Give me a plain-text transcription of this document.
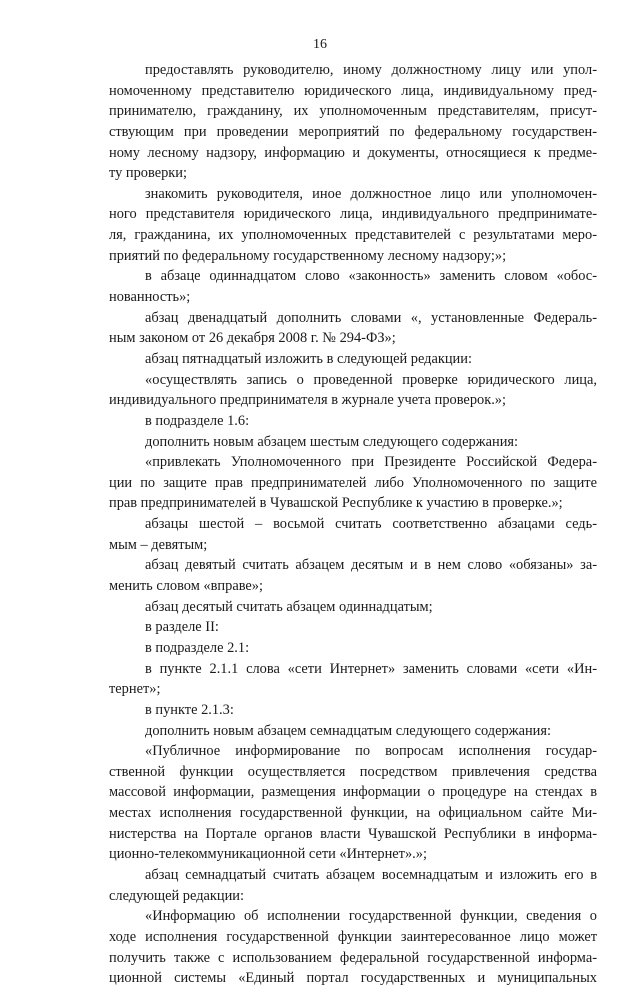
16
предоставлять руководителю, иному должностному лицу или упол-
номоченному представителю юридического лица, индивидуальному пред-
принимателю, гражданину, их уполномоченным представителям, присут-
ствующим при проведении мероприятий по федеральному государствен-
ному лесному надзору, информацию и документы, относящиеся к предме-
ту проверки;
знакомить руководителя, иное должностное лицо или уполномочен-
ного представителя юридического лица, индивидуального предпринимате-
ля, гражданина, их уполномоченных представителей с результатами меро-
приятий по федеральному государственному лесному надзору;»;
в абзаце одиннадцатом слово «законность» заменить словом «обос-
нованность»;
абзац двенадцатый дополнить словами «, установленные Федераль-
ным законом от 26 декабря 2008 г. № 294-ФЗ»;
абзац пятнадцатый изложить в следующей редакции:
«осуществлять запись о проведенной проверке юридического лица,
индивидуального предпринимателя в журнале учета проверок.»;
в подразделе 1.6:
дополнить новым абзацем шестым следующего содержания:
«привлекать Уполномоченного при Президенте Российской Федера-
ции по защите прав предпринимателей либо Уполномоченного по защите
прав предпринимателей в Чувашской Республике к участию в проверке.»;
абзацы шестой – восьмой считать соответственно абзацами седь-
мым – девятым;
абзац девятый считать абзацем десятым и в нем слово «обязаны» за-
менить словом «вправе»;
абзац десятый считать абзацем одиннадцатым;
в разделе II:
в подразделе 2.1:
в пункте 2.1.1 слова «сети Интернет» заменить словами «сети «Ин-
тернет»;
в пункте 2.1.3:
дополнить новым абзацем семнадцатым следующего содержания:
«Публичное информирование по вопросам исполнения государ-
ственной функции осуществляется посредством привлечения средства
массовой информации, размещения информации о процедуре на стендах в
местах исполнения государственной функции, на официальном сайте Ми-
нистерства на Портале органов власти Чувашской Республики в информа-
ционно-телекоммуникационной сети «Интернет».»;
абзац семнадцатый считать абзацем восемнадцатым и изложить его в
следующей редакции:
«Информацию об исполнении государственной функции, сведения о
ходе исполнения государственной функции заинтересованное лицо может
получить также с использованием федеральной государственной информа-
ционной системы «Единый портал государственных и муниципальных
